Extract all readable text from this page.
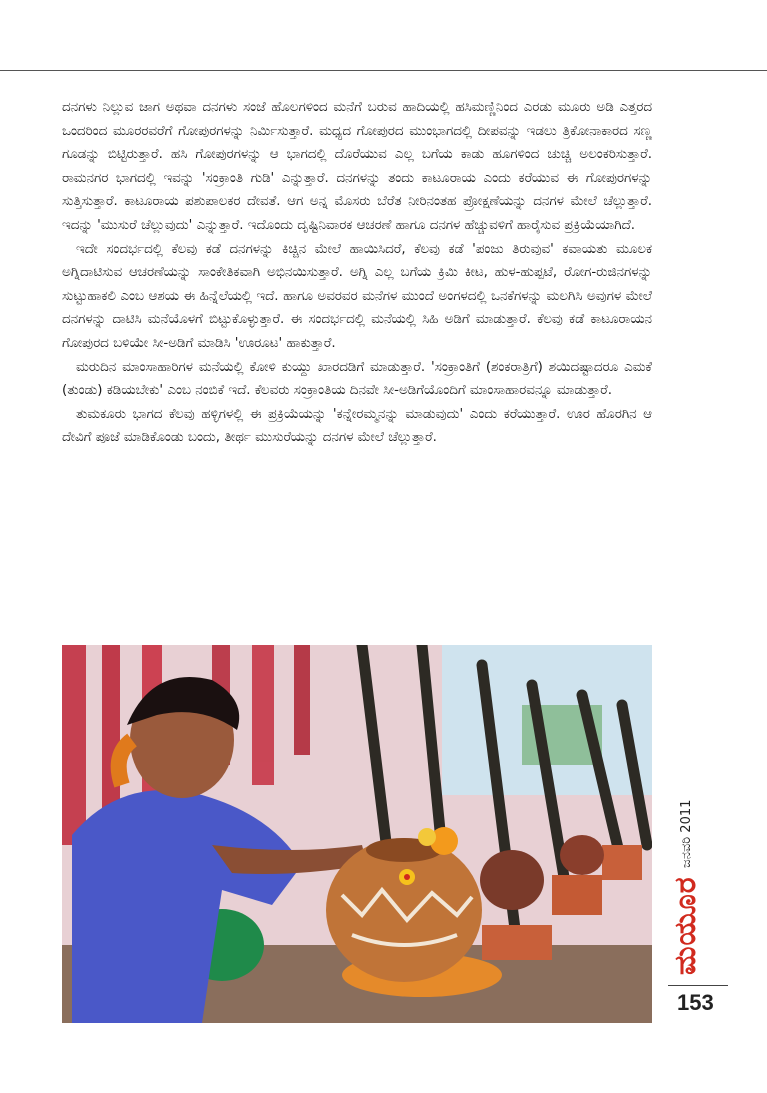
ದನಗಳು ನಿಲ್ಲುವ ಜಾಗ ಅಥವಾ ದನಗಳು ಸಂಜೆ ಹೊಲಗಳಿಂದ ಮನೆಗೆ ಬರುವ ಹಾದಿಯಲ್ಲಿ ಹಸಿಮಣ್ಣಿನಿಂದ ಎರಡು ಮೂರು ಅಡಿ ಎತ್ತರದ ಒಂದರಿಂದ ಮೂರರವರೆಗೆ ಗೋಪುರಗಳನ್ನು ನಿರ್ಮಿಸುತ್ತಾರೆ. ಮಧ್ಯದ ಗೋಪುರದ ಮುಂಭಾಗದಲ್ಲಿ ದೀಪವನ್ನು ಇಡಲು ತ್ರಿಕೋನಾಕಾರದ ಸಣ್ಣ ಗೂಡನ್ನು ಬಿಟ್ಟಿರುತ್ತಾರೆ. ಹಸಿ ಗೋಪುರಗಳನ್ನು ಆ ಭಾಗದಲ್ಲಿ ದೊರೆಯುವ ಎಲ್ಲ ಬಗೆಯ ಕಾಡು ಹೂಗಳಿಂದ ಚುಚ್ಚಿ ಅಲಂಕರಿಸುತ್ತಾರೆ. ರಾಮನಗರ ಭಾಗದಲ್ಲಿ ಇವನ್ನು 'ಸಂಕ್ರಾಂತಿ ಗುಡಿ' ಎನ್ನುತ್ತಾರೆ. ದನಗಳನ್ನು ತಂದು ಕಾಟೂರಾಯ ಎಂದು ಕರೆಯುವ ಈ ಗೋಪುರಗಳನ್ನು ಸುತ್ತಿಸುತ್ತಾರೆ. ಕಾಟೂರಾಯ ಪಶುಪಾಲಕರ ದೇವತೆ. ಆಗ ಅನ್ನ ಮೊಸರು ಬೆರೆತ ನೀರಿನಂತಹ ಪ್ರೋಕ್ಷಣೆಯನ್ನು ದನಗಳ ಮೇಲೆ ಚೆಲ್ಲುತ್ತಾರೆ. ಇದನ್ನು 'ಮುಸುರೆ ಚೆಲ್ಲುವುದು' ಎನ್ನುತ್ತಾರೆ. ಇದೊಂದು ದೃಷ್ಟಿನಿವಾರಕ ಆಚರಣೆ ಹಾಗೂ ದನಗಳ ಹೆಚ್ಚುವಳಿಗೆ ಹಾರೈಸುವ ಪ್ರಕ್ರಿಯೆಯಾಗಿದೆ.

ಇದೇ ಸಂದರ್ಭದಲ್ಲಿ ಕೆಲವು ಕಡೆ ದನಗಳನ್ನು ಕಿಚ್ಚಿನ ಮೇಲೆ ಹಾಯಿಸಿದರೆ, ಕೆಲವು ಕಡೆ 'ಪಂಜು ತಿರುವುವ' ಕವಾಯತು ಮೂಲಕ ಅಗ್ನಿದಾಟಿಸುವ ಆಚರಣೆಯನ್ನು ಸಾಂಕೇತಿಕವಾಗಿ ಅಭಿನಯಿಸುತ್ತಾರೆ. ಅಗ್ನಿ ಎಲ್ಲ ಬಗೆಯ ಕ್ರಿಮಿ ಕೀಟ, ಹುಳ-ಹುಪ್ಪಟೆ, ರೋಗ-ರುಜಿನಗಳನ್ನು ಸುಟ್ಟುಹಾಕಲಿ ಎಂಬ ಆಶಯ ಈ ಹಿನ್ನೆಲೆಯಲ್ಲಿ ಇದೆ. ಹಾಗೂ ಅವರವರ ಮನೆಗಳ ಮುಂದೆ ಅಂಗಳದಲ್ಲಿ ಒನಕೆಗಳನ್ನು ಮಲಗಿಸಿ ಅವುಗಳ ಮೇಲೆ ದನಗಳನ್ನು ದಾಟಿಸಿ ಮನೆಯೊಳಗೆ ಬಿಟ್ಟುಕೊಳ್ಳುತ್ತಾರೆ. ಈ ಸಂದರ್ಭದಲ್ಲಿ ಮನೆಯಲ್ಲಿ ಸಿಹಿ ಅಡಿಗೆ ಮಾಡುತ್ತಾರೆ. ಕೆಲವು ಕಡೆ ಕಾಟೂರಾಯನ ಗೋಪುರದ ಬಳಿಯೇ ಸೀ-ಅಡಿಗೆ ಮಾಡಿಸಿ 'ಊರೂಟ' ಹಾಕುತ್ತಾರೆ.

ಮರುದಿನ ಮಾಂಸಾಹಾರಿಗಳ ಮನೆಯಲ್ಲಿ ಕೋಳಿ ಕುಯ್ದು ಖಾರದಡಿಗೆ ಮಾಡುತ್ತಾರೆ. 'ಸಂಕ್ರಾಂತಿಗೆ (ಶಂಕರಾತ್ರಿಗೆ) ಶಯಿದಷ್ಟಾದರೂ ಎಮಕೆ (ತುಂಡು) ಕಡಿಯಬೇಕು' ಎಂಬ ನಂಬಿಕೆ ಇದೆ. ಕೆಲವರು ಸಂಕ್ರಾಂತಿಯ ದಿನವೇ ಸೀ-ಅಡಿಗೆಯೊಂದಿಗೆ ಮಾಂಸಾಹಾರವನ್ನೂ ಮಾಡುತ್ತಾರೆ.

ತುಮಕೂರು ಭಾಗದ ಕೆಲವು ಹಳ್ಳಿಗಳಲ್ಲಿ ಈ ಪ್ರಕ್ರಿಯೆಯನ್ನು 'ಕನ್ನೇರಮ್ಮನನ್ನು ಮಾಡುವುದು' ಎಂದು ಕರೆಯುತ್ತಾರೆ. ಊರ ಹೊರಗಿನ ಆ ದೇವಿಗೆ ಪೂಜೆ ಮಾಡಿಕೊಂಡು ಬಂದು, ತೀರ್ಥ ಮುಸುರೆಯನ್ನು ದನಗಳ ಮೇಲೆ ಚೆಲ್ಲುತ್ತಾರೆ.

ಜನವರಿ 2011
ಮಯೂರ
153
